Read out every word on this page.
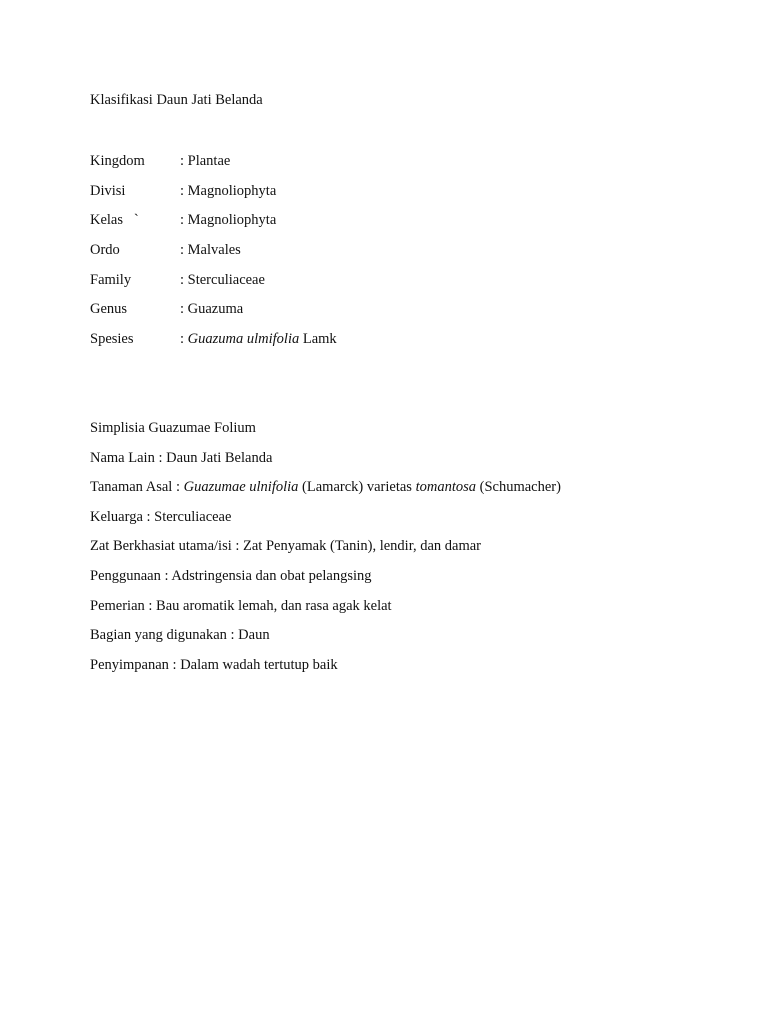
Klasifikasi Daun Jati Belanda
Kingdom	: Plantae
Divisi	: Magnoliophyta
Kelas   `	: Magnoliophyta
Ordo	: Malvales
Family	: Sterculiaceae
Genus	: Guazuma
Spesies	: Guazuma ulmifolia Lamk
Simplisia Guazumae Folium
Nama Lain : Daun Jati Belanda
Tanaman Asal : Guazumae ulnifolia (Lamarck) varietas tomantosa (Schumacher)
Keluarga : Sterculiaceae
Zat Berkhasiat utama/isi : Zat Penyamak (Tanin), lendir, dan damar
Penggunaan : Adstringensia dan obat pelangsing
Pemerian : Bau aromatik lemah, dan rasa agak kelat
Bagian yang digunakan : Daun
Penyimpanan : Dalam wadah tertutup baik
